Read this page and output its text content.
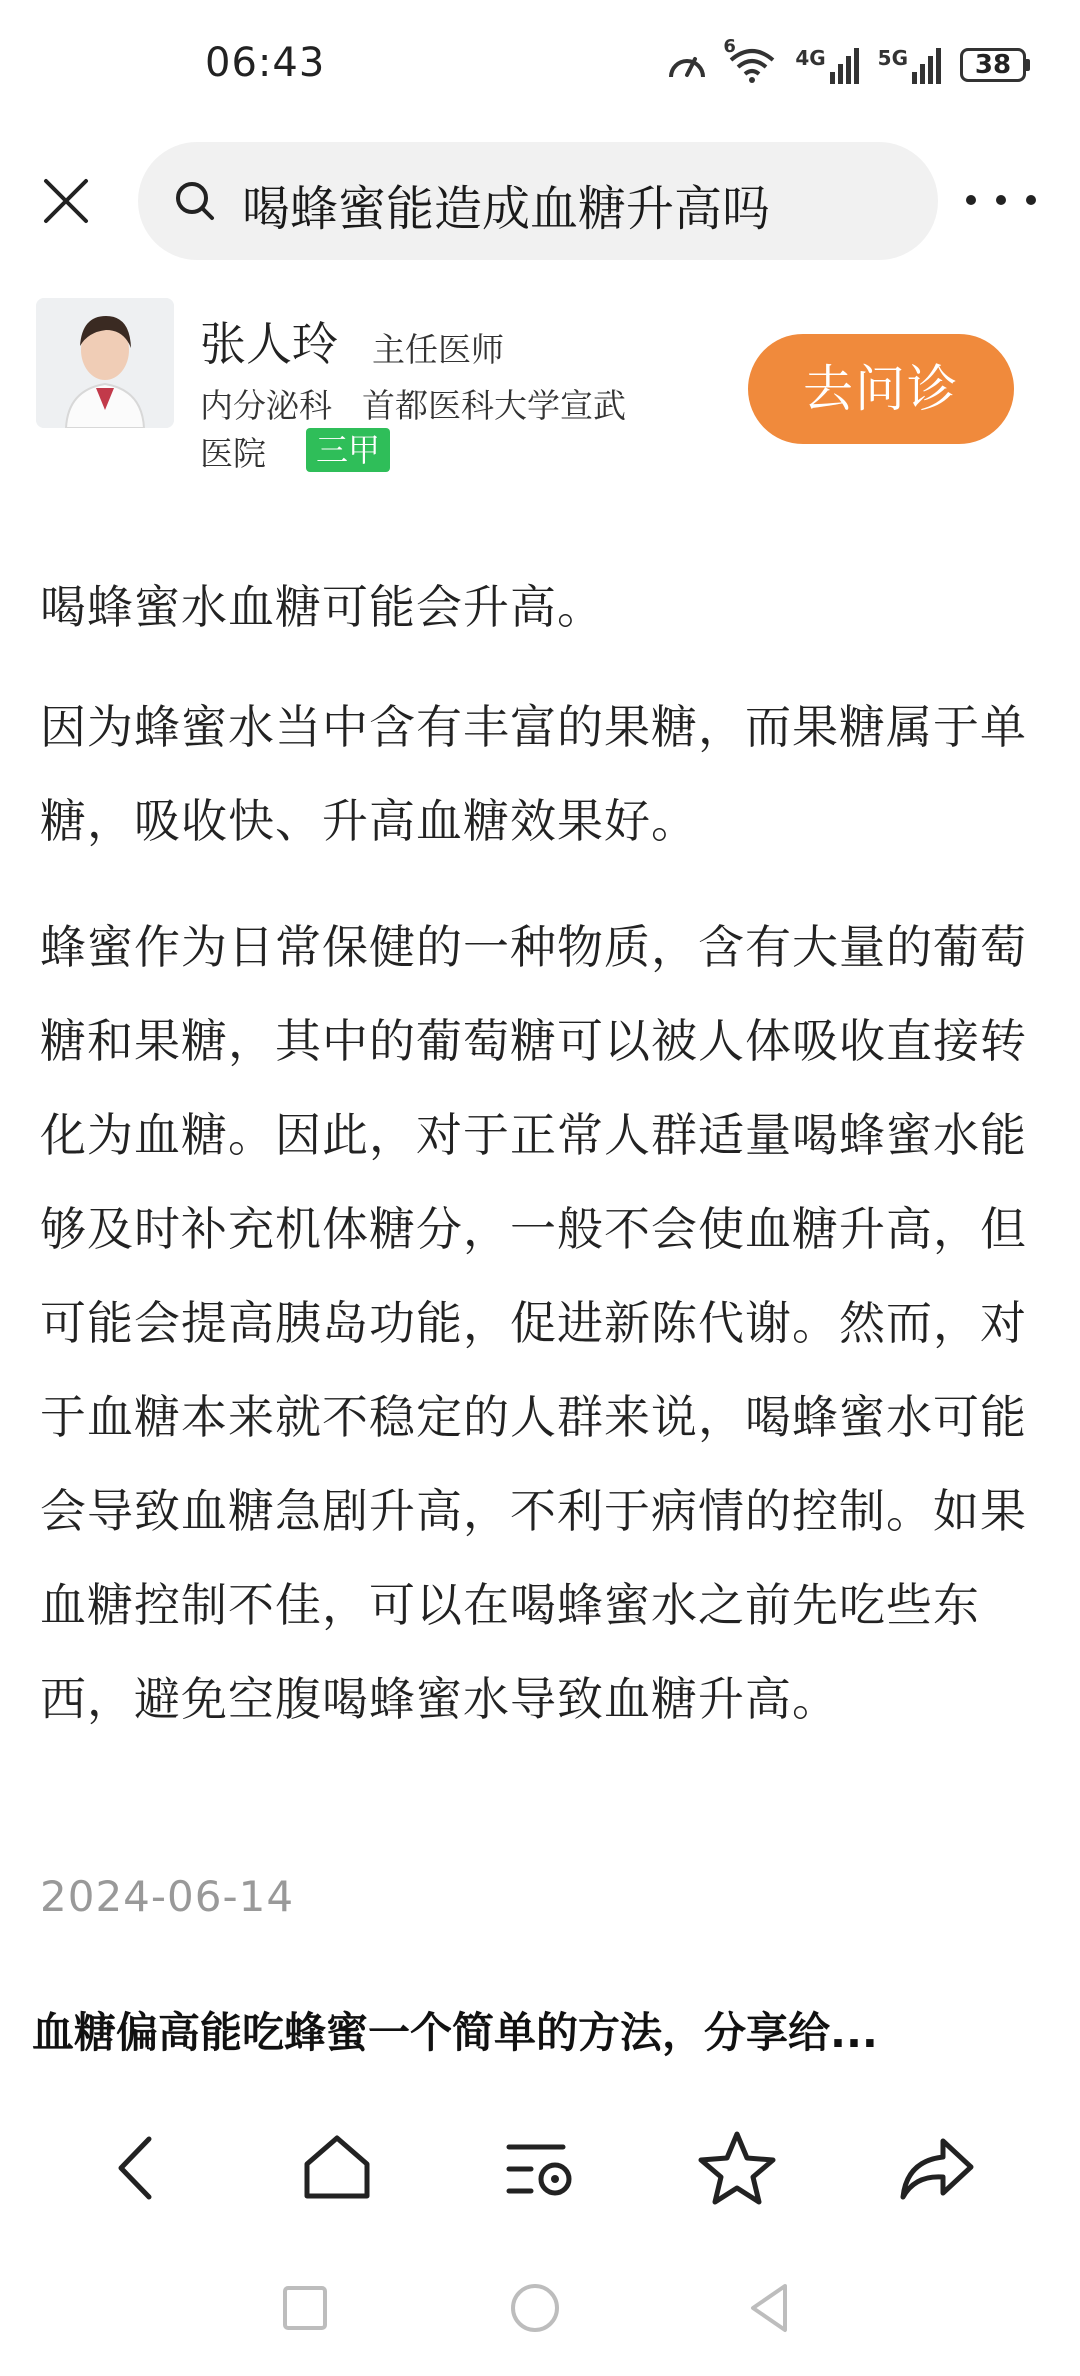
06:43	6	4G	5G	38
喝蜂蜜能造成血糖升高吗
张人玲 主任医师
内分泌科 首都医科大学宣武
医院	三甲
去问诊
喝蜂蜜水血糖可能会升高。
因为蜂蜜水当中含有丰富的果糖，而果糖属于单糖，吸收快、升高血糖效果好。
蜂蜜作为日常保健的一种物质，含有大量的葡萄糖和果糖，其中的葡萄糖可以被人体吸收直接转化为血糖。因此，对于正常人群适量喝蜂蜜水能够及时补充机体糖分，一般不会使血糖升高，但可能会提高胰岛功能，促进新陈代谢。然而，对于血糖本来就不稳定的人群来说，喝蜂蜜水可能会导致血糖急剧升高，不利于病情的控制。如果血糖控制不佳，可以在喝蜂蜜水之前先吃些东西，避免空腹喝蜂蜜水导致血糖升高。
2024-06-14
血糖偏高能吃蜂蜜一个简单的方法，分享给...
